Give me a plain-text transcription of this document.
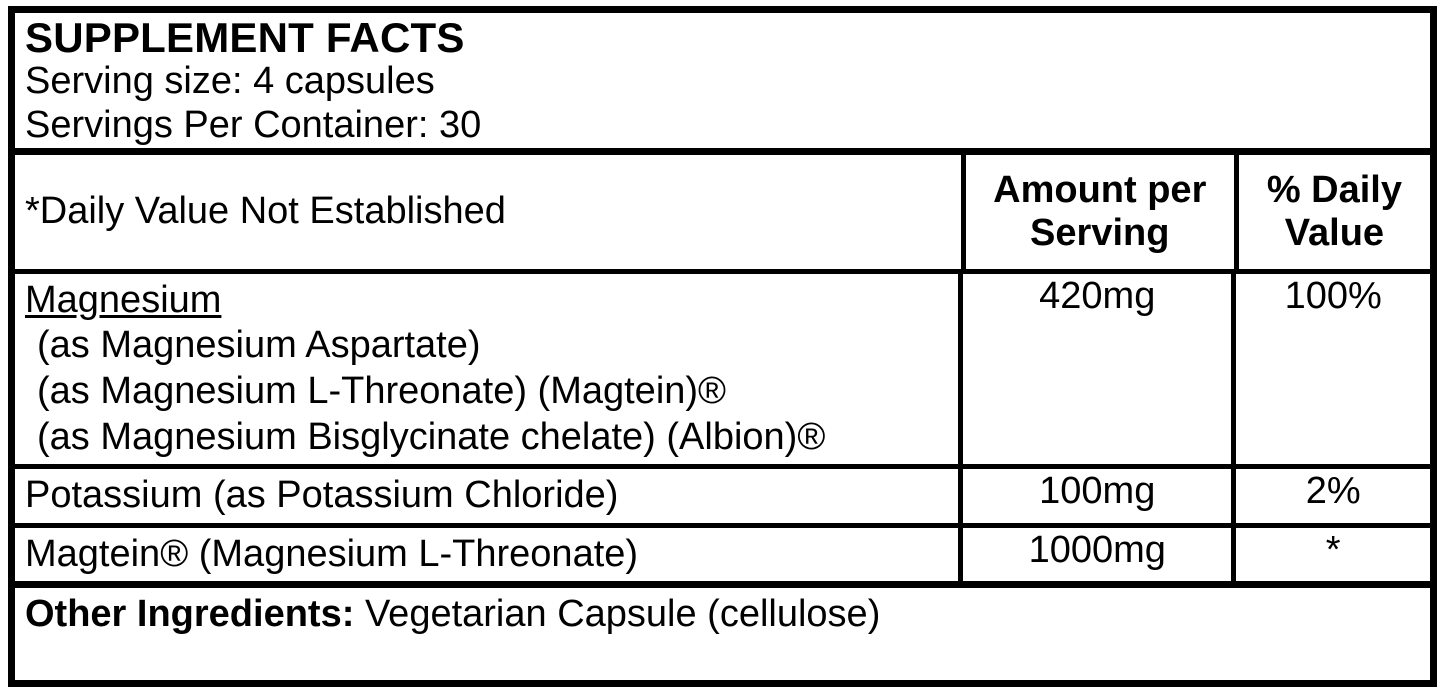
SUPPLEMENT FACTS
Serving size: 4 capsules
Servings Per Container: 30
*Daily Value Not Established	Amount per Serving	% Daily Value

Magnesium
(as Magnesium Aspartate)
(as Magnesium L-Threonate) (Magtein)®
(as Magnesium Bisglycinate chelate) (Albion)®	420mg	100%

Potassium (as Potassium Chloride)	100mg	2%

Magtein® (Magnesium L-Threonate)	1000mg	*
Other Ingredients: Vegetarian Capsule (cellulose)
